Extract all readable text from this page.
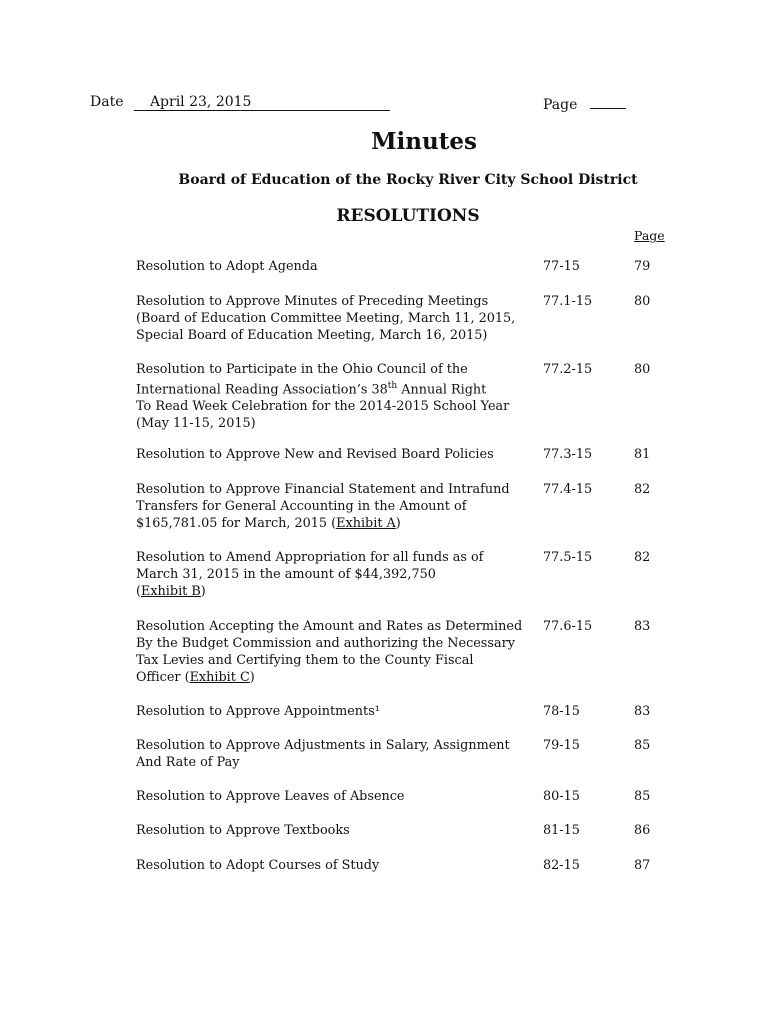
Date April 23, 2015	Page
Minutes
Board of Education of the Rocky River City School District
RESOLUTIONS
Page
Resolution to Adopt Agenda	77-15	79
Resolution to Approve Minutes of Preceding Meetings
(Board of Education Committee Meeting, March 11, 2015,
Special Board of Education Meeting, March 16, 2015)
77.1-15	80
Resolution to Participate in the Ohio Council of the
International Reading Association’s 38th Annual Right
To Read Week Celebration for the 2014-2015 School Year
(May 11-15, 2015)
77.2-15	80
Resolution to Approve New and Revised Board Policies	77.3-15	81
Resolution to Approve Financial Statement and Intrafund
Transfers for General Accounting in the Amount of
$165,781.05 for March, 2015 (Exhibit A)
77.4-15	82
Resolution to Amend Appropriation for all funds as of
March 31, 2015 in the amount of $44,392,750
(Exhibit B)
77.5-15	82
Resolution Accepting the Amount and Rates as Determined
By the Budget Commission and authorizing the Necessary
Tax Levies and Certifying them to the County Fiscal
Officer (Exhibit C)
77.6-15	83
Resolution to Approve Appointments¹	78-15	83
Resolution to Approve Adjustments in Salary, Assignment
And Rate of Pay
79-15	85
Resolution to Approve Leaves of Absence	80-15	85
Resolution to Approve Textbooks	81-15	86
Resolution to Adopt Courses of Study	82-15	87
